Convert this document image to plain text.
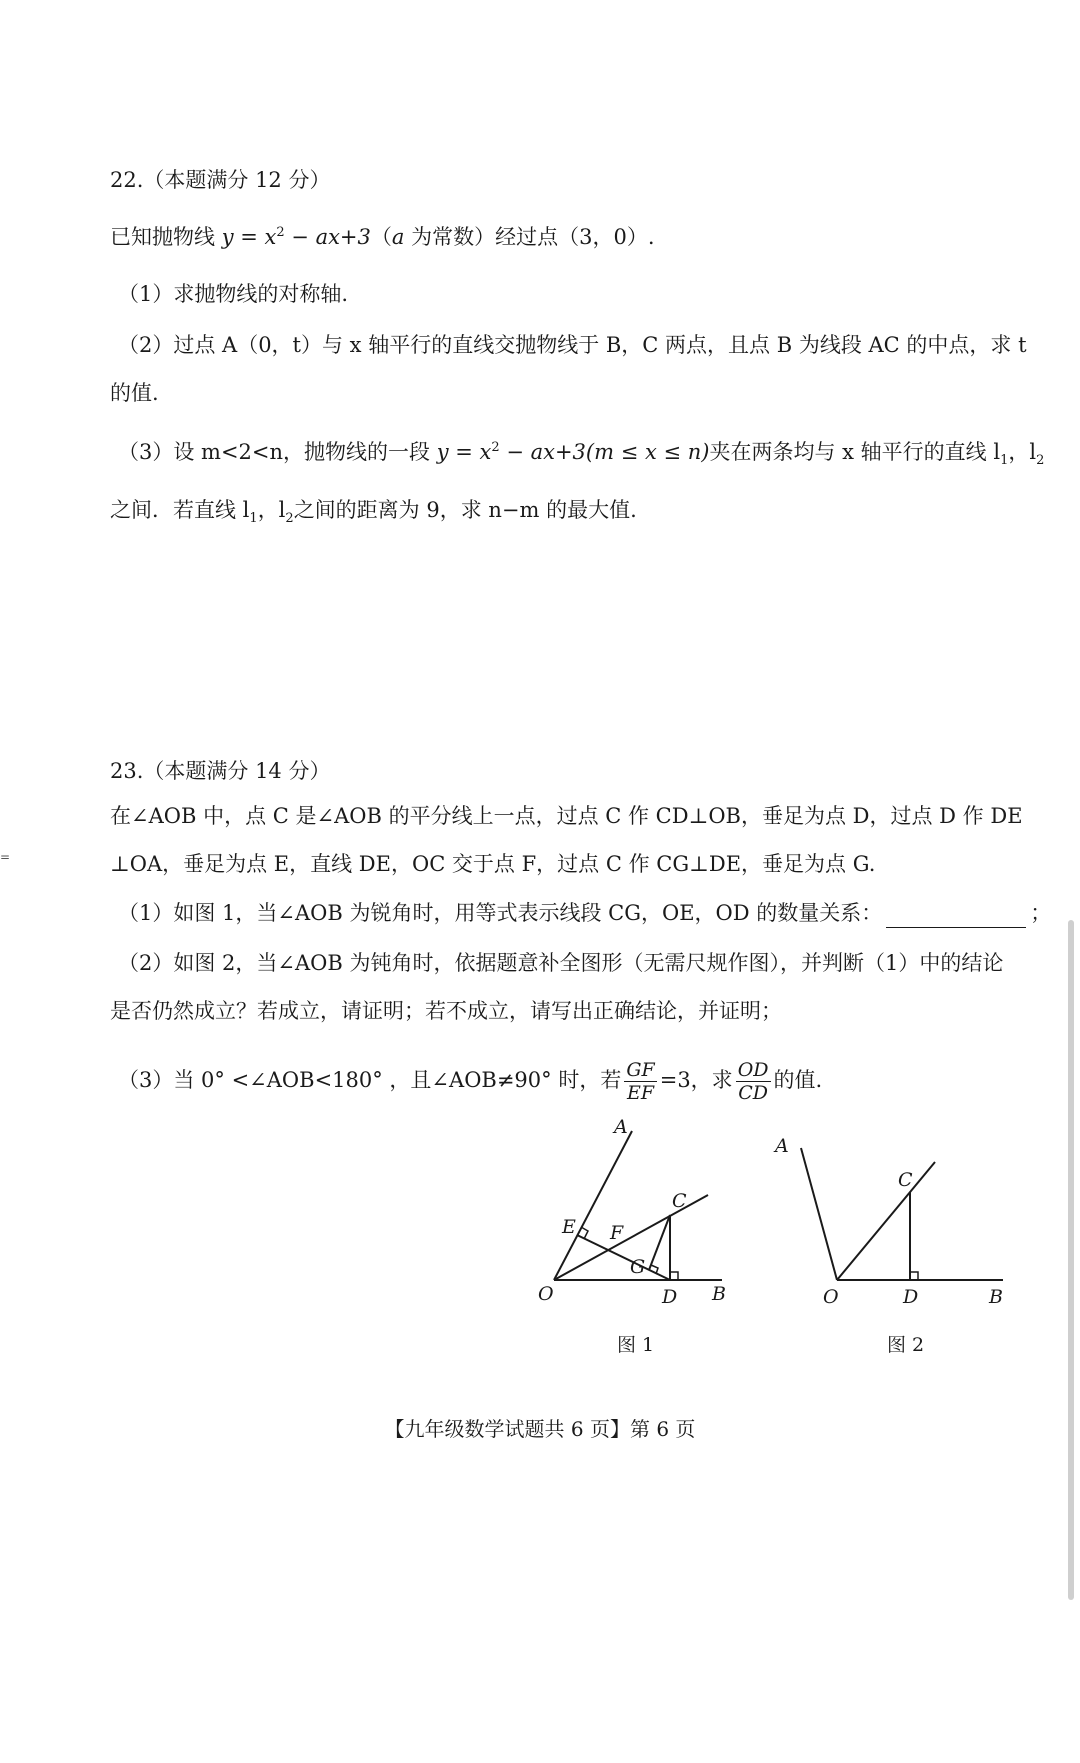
22.（本题满分 12 分）
已知抛物线 $y = x^2 - ax+3(a$ 为常数）经过点（3，0）.
（1）求抛物线的对称轴.
（2）过点 A（0，t）与 x 轴平行的直线交抛物线于 B，C 两点，且点 B 为线段 AC 的中点，求 t
的值.
（3）设 m<2<n，抛物线的一段 $y = x^2 - ax+3(m \le x \le n)$夹在两条均与 x 轴平行的直线 $l_1$，$l_2$
之间．若直线 $l_1$，$l_2$之间的距离为 9，求 n−m 的最大值.
23.（本题满分 14 分）
在∠AOB 中，点 C 是∠AOB 的平分线上一点，过点 C 作 CD⊥OB，垂足为点 D，过点 D 作 DE
⊥OA，垂足为点 E，直线 DE，OC 交于点 F，过点 C 作 CG⊥DE，垂足为点 G.
（1）如图 1，当∠AOB 为锐角时，用等式表示线段 CG，OE，OD 的数量关系：	；
（2）如图 2，当∠AOB 为钝角时，依据题意补全图形（无需尺规作图），并判断（1）中的结论
是否仍然成立？若成立，请证明；若不成立，请写出正确结论，并证明；
（3）当 0° <∠AOB<180° ，且∠AOB≠90° 时，若 $\frac{GF}{EF} =3$，求 $\frac{OD}{CD}$ 的值.
A
C
E F
G
O	D B
图 1
A
C
O	D	B
图 2
【九年级数学试题共 6 页】第 6 页
=
